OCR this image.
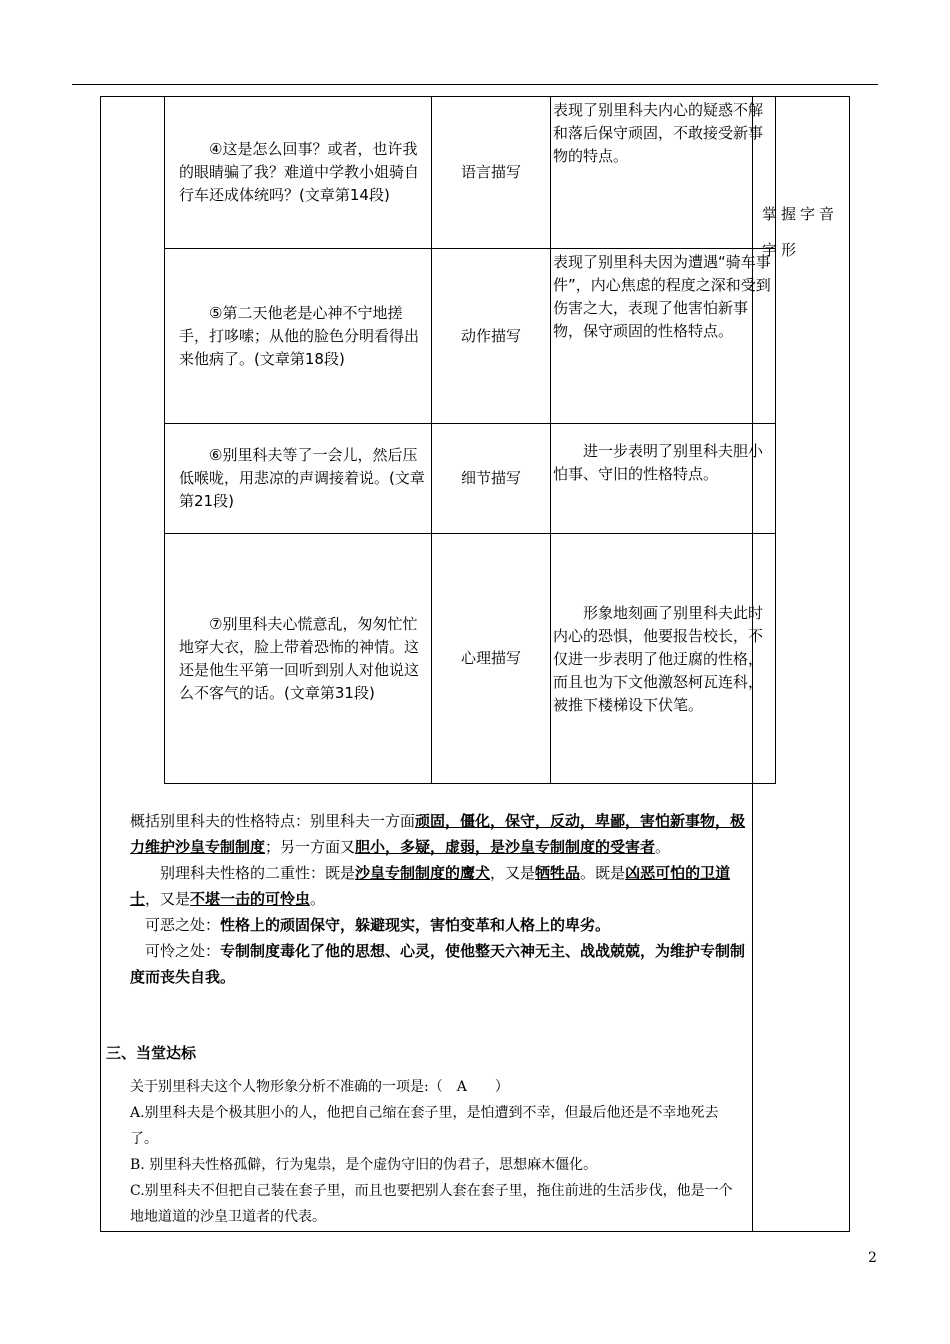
掌握字音字形
④这是怎么回事？或者，也许我的眼睛骗了我？难道中学教小姐骑自行车还成体统吗？(文章第14段)	语言描写	表现了别里科夫内心的疑惑不解和落后保守顽固，不敢接受新事物的特点。

⑤第二天他老是心神不宁地搓手，打哆嗦；从他的脸色分明看得出来他病了。(文章第18段)	动作描写	表现了别里科夫因为遭遇“骑车事件”，内心焦虑的程度之深和受到伤害之大，表现了他害怕新事物，保守顽固的性格特点。

⑥别里科夫等了一会儿，然后压低喉咙，用悲凉的声调接着说。(文章第21段)	细节描写	进一步表明了别里科夫胆小怕事、守旧的性格特点。

⑦别里科夫心慌意乱，匆匆忙忙地穿大衣，脸上带着恐怖的神情。这还是他生平第一回听到别人对他说这么不客气的话。(文章第31段)	心理描写	形象地刻画了别里科夫此时内心的恐惧，他要报告校长，不仅进一步表明了他迂腐的性格，而且也为下文他激怒柯瓦连科，被推下楼梯设下伏笔。

概括别里科夫的性格特点：别里科夫一方面顽固，僵化，保守，反动，卑鄙，害怕新事物，极力维护沙皇专制制度；另一方面又胆小，多疑，虚弱，是沙皇专制制度的受害者。

别理科夫性格的二重性：既是沙皇专制制度的鹰犬，又是牺牲品。既是凶恶可怕的卫道士，又是不堪一击的可怜虫。

可恶之处：性格上的顽固保守，躲避现实，害怕变革和人格上的卑劣。

可怜之处：专制制度毒化了他的思想、心灵，使他整天六神无主、战战兢兢，为维护专制制度而丧失自我。

三、当堂达标

关于别里科夫这个人物形象分析不准确的一项是:（　A　　）

A.别里科夫是个极其胆小的人，他把自己缩在套子里，是怕遭到不幸，但最后他还是不幸地死去了。

B. 别里科夫性格孤僻，行为鬼祟，是个虚伪守旧的伪君子，思想麻木僵化。

C.别里科夫不但把自己装在套子里，而且也要把别人套在套子里，拖住前进的生活步伐，他是一个地地道道的沙皇卫道者的代表。

2
